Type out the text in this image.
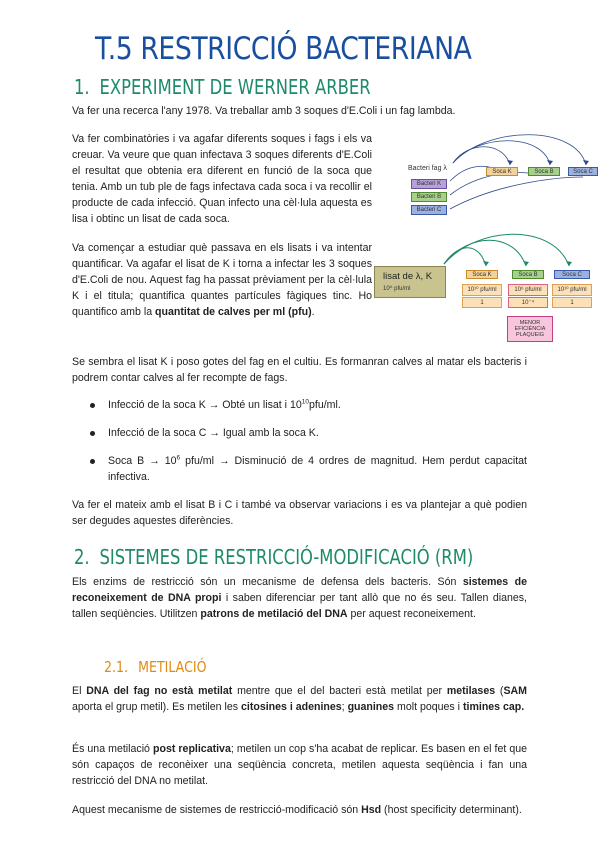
T.5 RESTRICCIÓ BACTERIANA
1. EXPERIMENT DE WERNER ARBER
Va fer una recerca l'any 1978. Va treballar amb 3 soques d'E.Coli i un fag lambda.
Va fer combinatòries i va agafar diferents soques i fags i els va creuar. Va veure que quan infectava 3 soques diferents d'E.Coli el resultat que obtenia era diferent en funció de la soca que tenia. Amb un tub ple de fags infectava cada soca i va recollir el producte de cada infecció. Quan infecto una cèl·lula aquesta es lisa i obtinc un lisat de cada soca.
Va començar a estudiar què passava en els lisats i va intentar quantificar. Va agafar el lisat de K i torna a infectar les 3 soques d'E.Coli de nou. Aquest fag ha passat prèviament per la cèl·lula K i el titula; quantifica quantes partícules fàgiques tinc. Ho quantifico amb la quantitat de calves per ml (pfu).
Bacteri fag λ
Bacteri K
Bacteri B
Bacteri C
Soca K	Soca B	Soca C
lisat de λ, K
10^ pfu/ml
Soca K	Soca B	Soca C
10¹⁰ pfu/ml	10⁶ pfu/ml	10¹⁰ pfu/ml
1	10⁻⁴	1
MENOR EFICIÈNCIA PLAQUEIG
Se sembra el lisat K i poso gotes del fag en el cultiu. Es formanran calves al matar els bacteris i podrem contar calves al fer recompte de fags.
Infecció de la soca K → Obté un lisat i $10^{10}pfu/ml$.
Infecció de la soca C → Igual amb la soca K.
Soca $B \to 10^6$ pfu/ml → Disminució de 4 ordres de magnitud. Hem perdut capacitat infectiva.
Va fer el mateix amb el lisat B i C i també va observar variacions i es va plantejar a què podien ser degudes aquestes diferències.
2. SISTEMES DE RESTRICCIÓ-MODIFICACIÓ (RM)
Els enzims de restricció són un mecanisme de defensa dels bacteris. Són sistemes de reconeixement de DNA propi i saben diferenciar per tant allò que no és seu. Tallen dianes, tallen seqüències. Utilitzen patrons de metilació del DNA per aquest reconeixement.
2.1. METILACIÓ
El DNA del fag no està metilat mentre que el del bacteri està metilat per metilases (SAM aporta el grup metil). Es metilen les citosines i adenines; guanines molt poques i timines cap.
És una metilació post replicativa; metilen un cop s'ha acabat de replicar. Es basen en el fet que són capaços de reconèixer una seqüència concreta, metilen aquesta seqüència i fan una restricció del DNA no metilat.
Aquest mecanisme de sistemes de restricció-modificació són Hsd (host specificity determinant).
